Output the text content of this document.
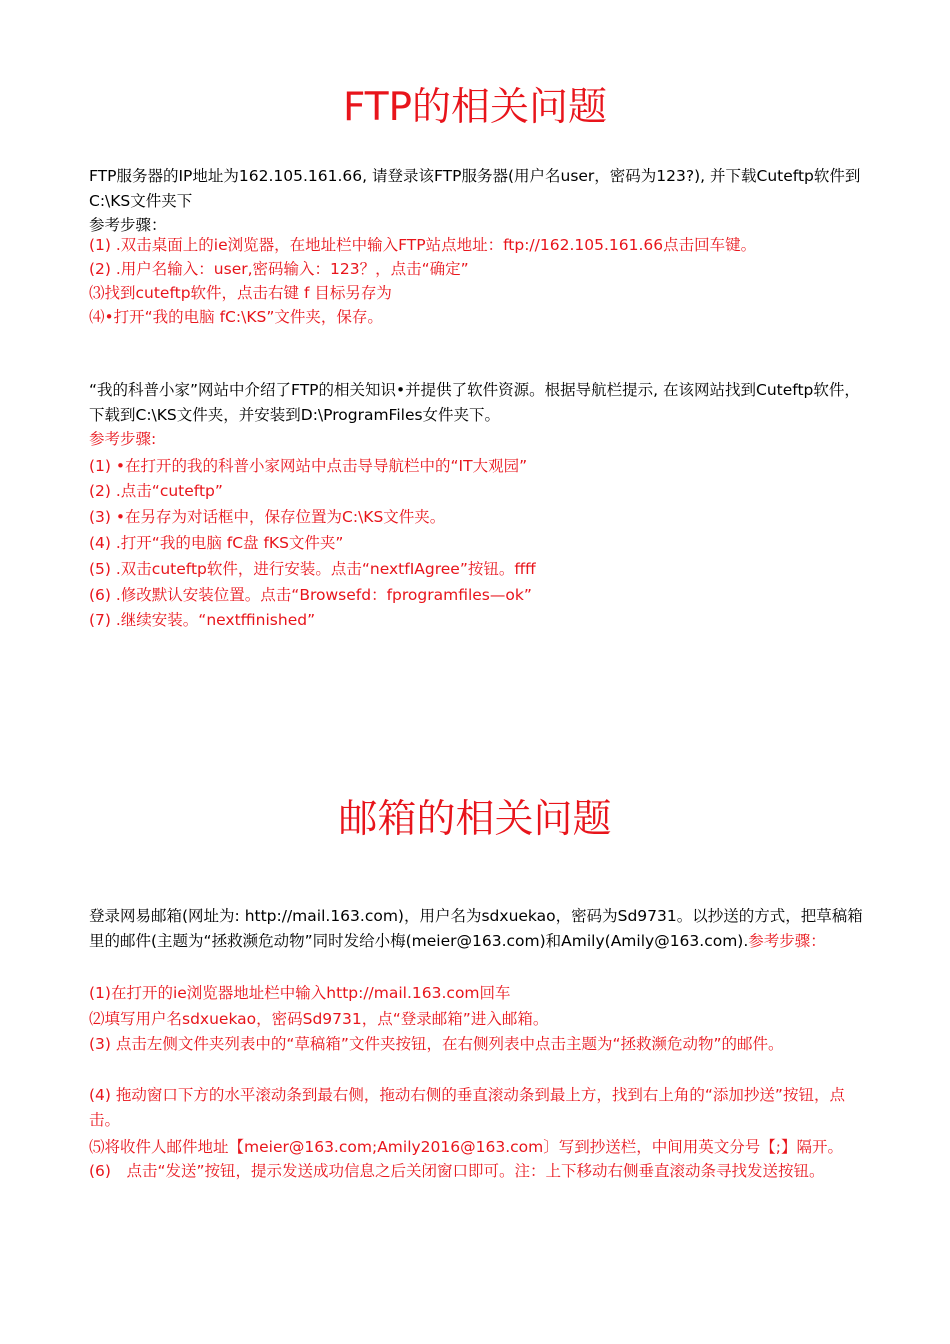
FTP的相关问题
FTP服务器的IP地址为162.105.161.66, 请登录该FTP服务器(用户名user，密码为123?), 并下载Cuteftp软件到C:\KS文件夹下
参考步骤：
(1) .双击桌面上的ie浏览器，在地址栏中输入FTP站点地址：ftp://162.105.161.66点击回车键。
(2) .用户名输入：user,密码输入：123？，点击“确定”
⑶找到cuteftp软件，点击右键 f 目标另存为
⑷•打开“我的电脑 fC:\KS”文件夹，保存。
“我的科普小家”网站中介绍了FTP的相关知识•并提供了软件资源。根据导航栏提示, 在该网站找到Cuteftp软件，下载到C:\KS文件夹，并安装到D:\ProgramFiles女件夹下。
参考步骤:
(1) •在打开的我的科普小家网站中点击导导航栏中的“IT大观园”
(2) .点击“cuteftp”
(3) •在另存为对话框中，保存位置为C:\KS文件夹。
(4) .打开“我的电脑 fC盘 fKS文件夹”
(5) .双击cuteftp软件，进行安装。点击“nextfIAgree”按钮。ffff
(6) .修改默认安装位置。点击“Browsefd：fprogramfiles—ok”
(7) .继续安装。“nextffinished”
邮箱的相关问题
登录网易邮箱(网址为: http://mail.163.com)，用户名为sdxuekao，密码为Sd9731。以抄送的方式，把草稿箱里的邮件(主题为“拯救濒危动物”同时发给小梅(meier@163.com)和Amily(Amily@163.com).参考步骤：
(1)在打开的ie浏览器地址栏中输入http://mail.163.com回车
⑵填写用户名sdxuekao，密码Sd9731，点“登录邮箱”进入邮箱。
(3) 点击左侧文件夹列表中的“草稿箱”文件夹按钮，在右侧列表中点击主题为“拯救濒危动物”的邮件。
(4) 拖动窗口下方的水平滚动条到最右侧，拖动右侧的垂直滚动条到最上方，找到右上角的“添加抄送”按钮，点击。
⑸将收件人邮件地址【meier@163.com;Amily2016@163.com〕写到抄送栏，中间用英文分号【;】隔开。
(6)　点击“发送”按钮，提示发送成功信息之后关闭窗口即可。注：上下移动右侧垂直滚动条寻找发送按钮。
